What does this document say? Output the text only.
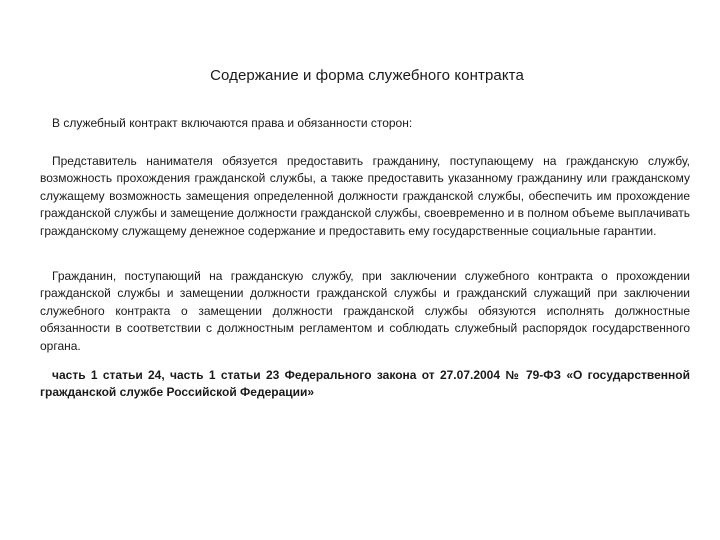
Содержание и форма служебного контракта
В служебный контракт включаются права и обязанности сторон:

Представитель нанимателя обязуется предоставить гражданину, поступающему на гражданскую службу, возможность прохождения гражданской службы, а также предоставить указанному гражданину или гражданскому служащему возможность замещения определенной должности гражданской службы, обеспечить им прохождение гражданской службы и замещение должности гражданской службы, своевременно и в полном объеме выплачивать гражданскому служащему денежное содержание и предоставить ему государственные социальные гарантии.

Гражданин, поступающий на гражданскую службу, при заключении служебного контракта о прохождении гражданской службы и замещении должности гражданской службы и гражданский служащий при заключении служебного контракта о замещении должности гражданской службы обязуются исполнять должностные обязанности в соответствии с должностным регламентом и соблюдать служебный распорядок государственного органа.

часть 1 статьи 24, часть 1 статьи 23 Федерального закона от 27.07.2004 № 79-ФЗ «О государственной гражданской службе Российской Федерации»
